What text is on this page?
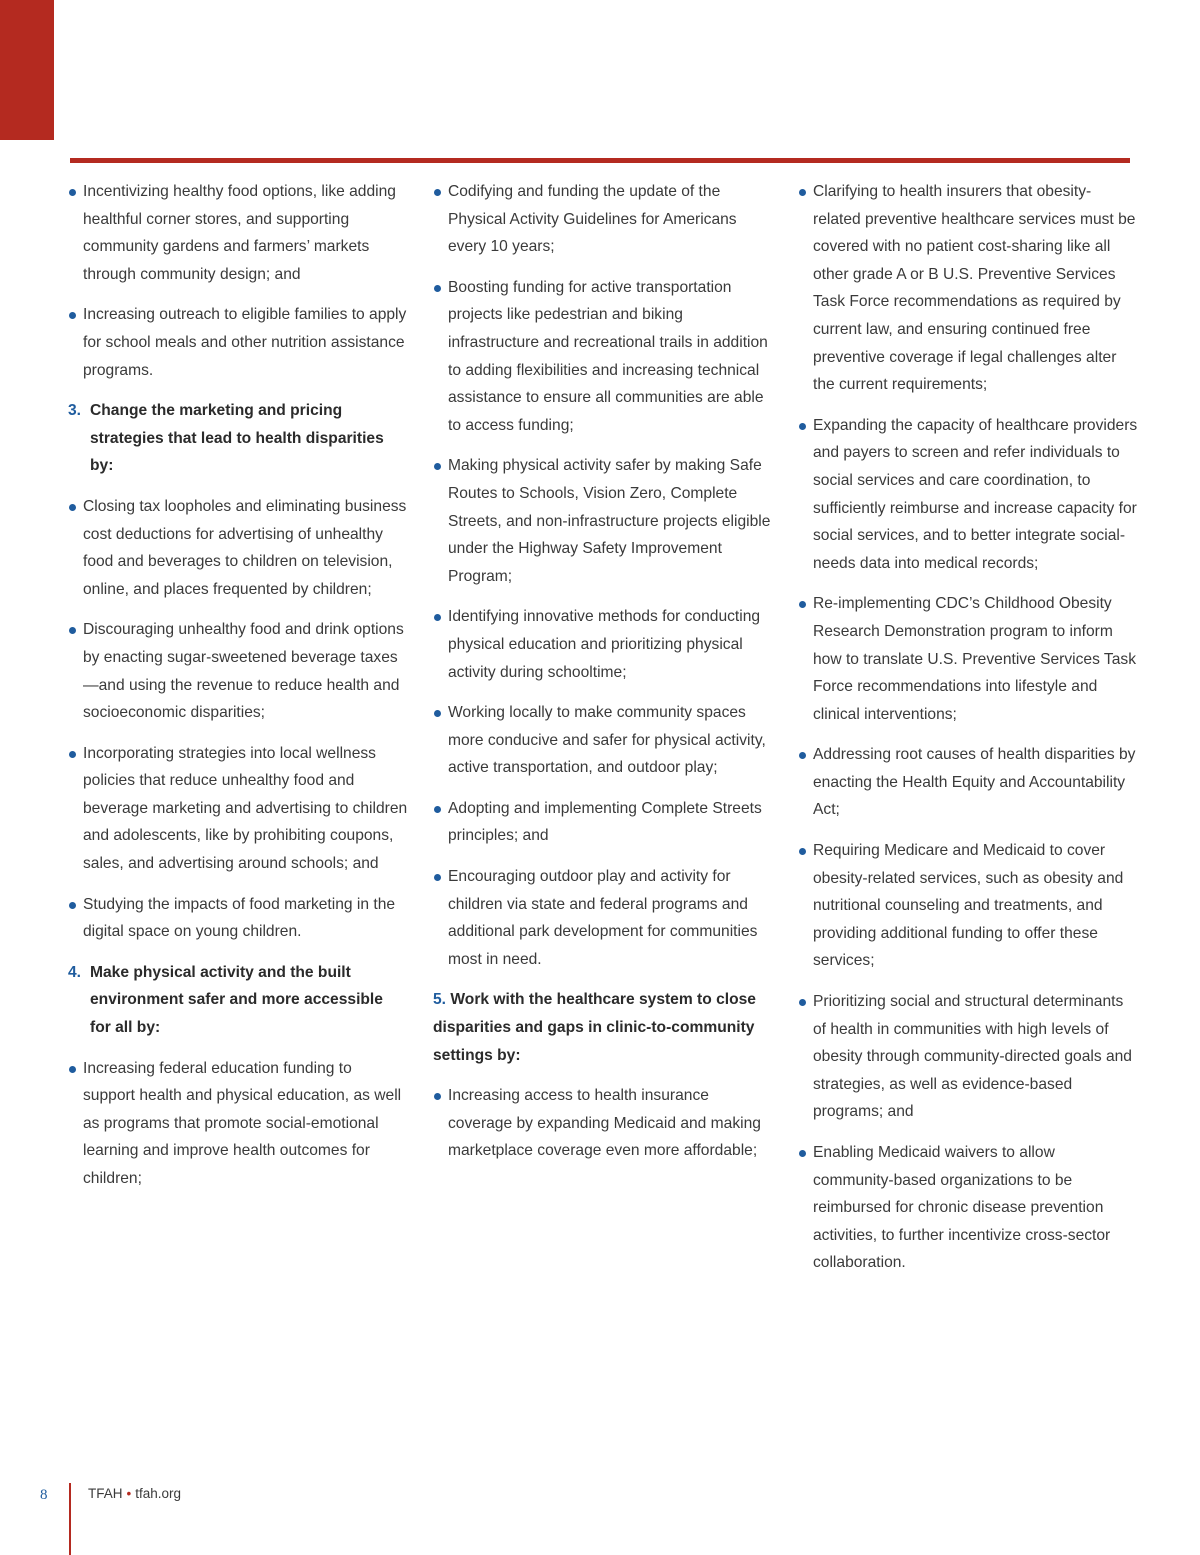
Incentivizing healthy food options, like adding healthful corner stores, and supporting community gardens and farmers’ markets through community design; and
Increasing outreach to eligible families to apply for school meals and other nutrition assistance programs.
3. Change the marketing and pricing strategies that lead to health disparities by:
Closing tax loopholes and eliminating business cost deductions for advertising of unhealthy food and beverages to children on television, online, and places frequented by children;
Discouraging unhealthy food and drink options by enacting sugar-sweetened beverage taxes—and using the revenue to reduce health and socioeconomic disparities;
Incorporating strategies into local wellness policies that reduce unhealthy food and beverage marketing and advertising to children and adolescents, like by prohibiting coupons, sales, and advertising around schools; and
Studying the impacts of food marketing in the digital space on young children.
4. Make physical activity and the built environment safer and more accessible for all by:
Increasing federal education funding to support health and physical education, as well as programs that promote social-emotional learning and improve health outcomes for children;
Codifying and funding the update of the Physical Activity Guidelines for Americans every 10 years;
Boosting funding for active transportation projects like pedestrian and biking infrastructure and recreational trails in addition to adding flexibilities and increasing technical assistance to ensure all communities are able to access funding;
Making physical activity safer by making Safe Routes to Schools, Vision Zero, Complete Streets, and non-infrastructure projects eligible under the Highway Safety Improvement Program;
Identifying innovative methods for conducting physical education and prioritizing physical activity during schooltime;
Working locally to make community spaces more conducive and safer for physical activity, active transportation, and outdoor play;
Adopting and implementing Complete Streets principles; and
Encouraging outdoor play and activity for children via state and federal programs and additional park development for communities most in need.
5. Work with the healthcare system to close disparities and gaps in clinic-to-community settings by:
Increasing access to health insurance coverage by expanding Medicaid and making marketplace coverage even more affordable;
Clarifying to health insurers that obesity-related preventive healthcare services must be covered with no patient cost-sharing like all other grade A or B U.S. Preventive Services Task Force recommendations as required by current law, and ensuring continued free preventive coverage if legal challenges alter the current requirements;
Expanding the capacity of healthcare providers and payers to screen and refer individuals to social services and care coordination, to sufficiently reimburse and increase capacity for social services, and to better integrate social-needs data into medical records;
Re-implementing CDC’s Childhood Obesity Research Demonstration program to inform how to translate U.S. Preventive Services Task Force recommendations into lifestyle and clinical interventions;
Addressing root causes of health disparities by enacting the Health Equity and Accountability Act;
Requiring Medicare and Medicaid to cover obesity-related services, such as obesity and nutritional counseling and treatments, and providing additional funding to offer these services;
Prioritizing social and structural determinants of health in communities with high levels of obesity through community-directed goals and strategies, as well as evidence-based programs; and
Enabling Medicaid waivers to allow community-based organizations to be reimbursed for chronic disease prevention activities, to further incentivize cross-sector collaboration.
8	TFAH • tfah.org
